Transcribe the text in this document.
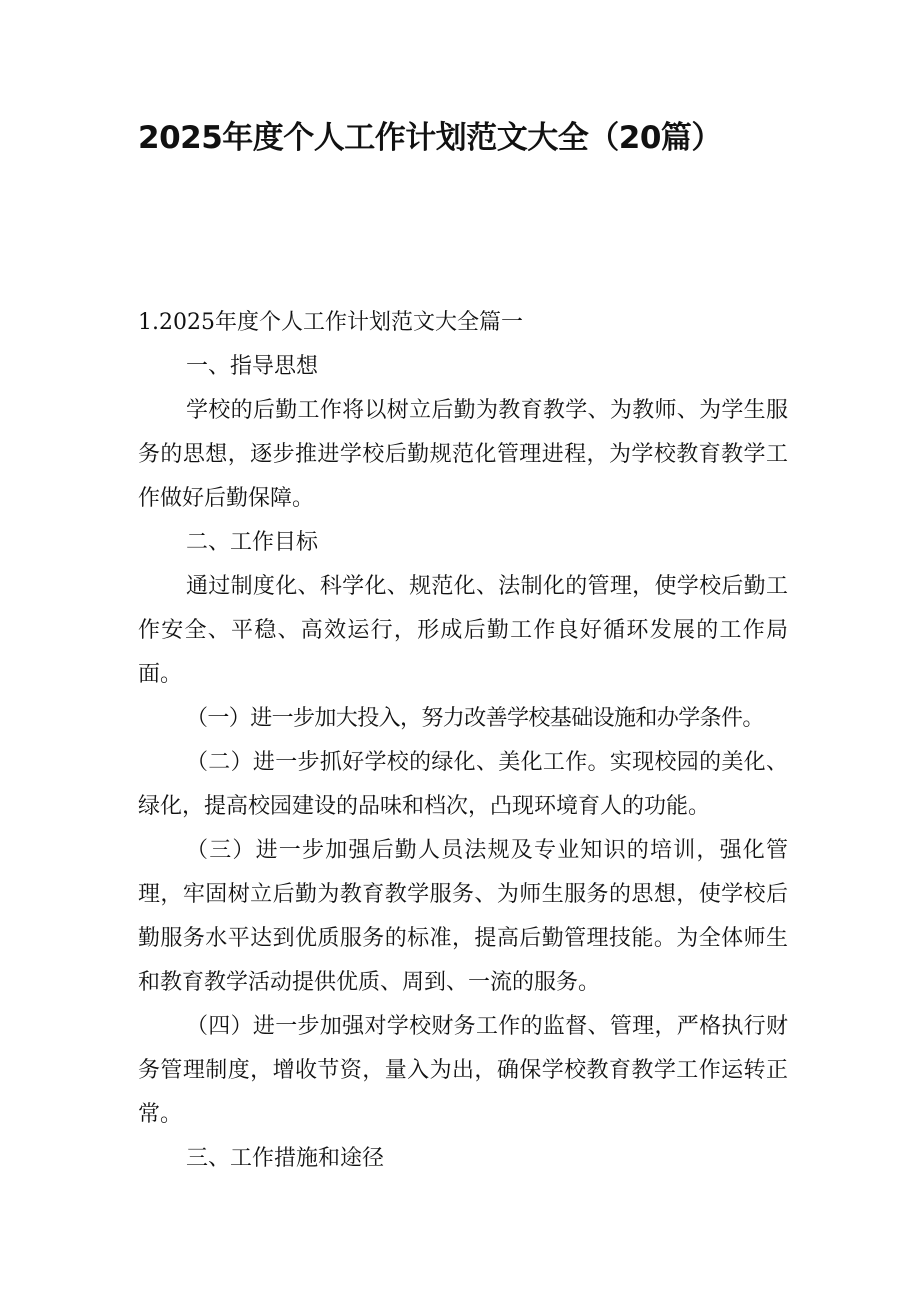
2025年度个人工作计划范文大全（20篇）

1.2025年度个人工作计划范文大全篇一

一、指导思想

学校的后勤工作将以树立后勤为教育教学、为教师、为学生服务的思想，逐步推进学校后勤规范化管理进程，为学校教育教学工作做好后勤保障。

二、工作目标

通过制度化、科学化、规范化、法制化的管理，使学校后勤工作安全、平稳、高效运行，形成后勤工作良好循环发展的工作局面。

（一）进一步加大投入，努力改善学校基础设施和办学条件。

（二）进一步抓好学校的绿化、美化工作。实现校园的美化、绿化，提高校园建设的品味和档次，凸现环境育人的功能。

（三）进一步加强后勤人员法规及专业知识的培训，强化管理，牢固树立后勤为教育教学服务、为师生服务的思想，使学校后勤服务水平达到优质服务的标准，提高后勤管理技能。为全体师生和教育教学活动提供优质、周到、一流的服务。

（四）进一步加强对学校财务工作的监督、管理，严格执行财务管理制度，增收节资，量入为出，确保学校教育教学工作运转正常。

三、工作措施和途径
